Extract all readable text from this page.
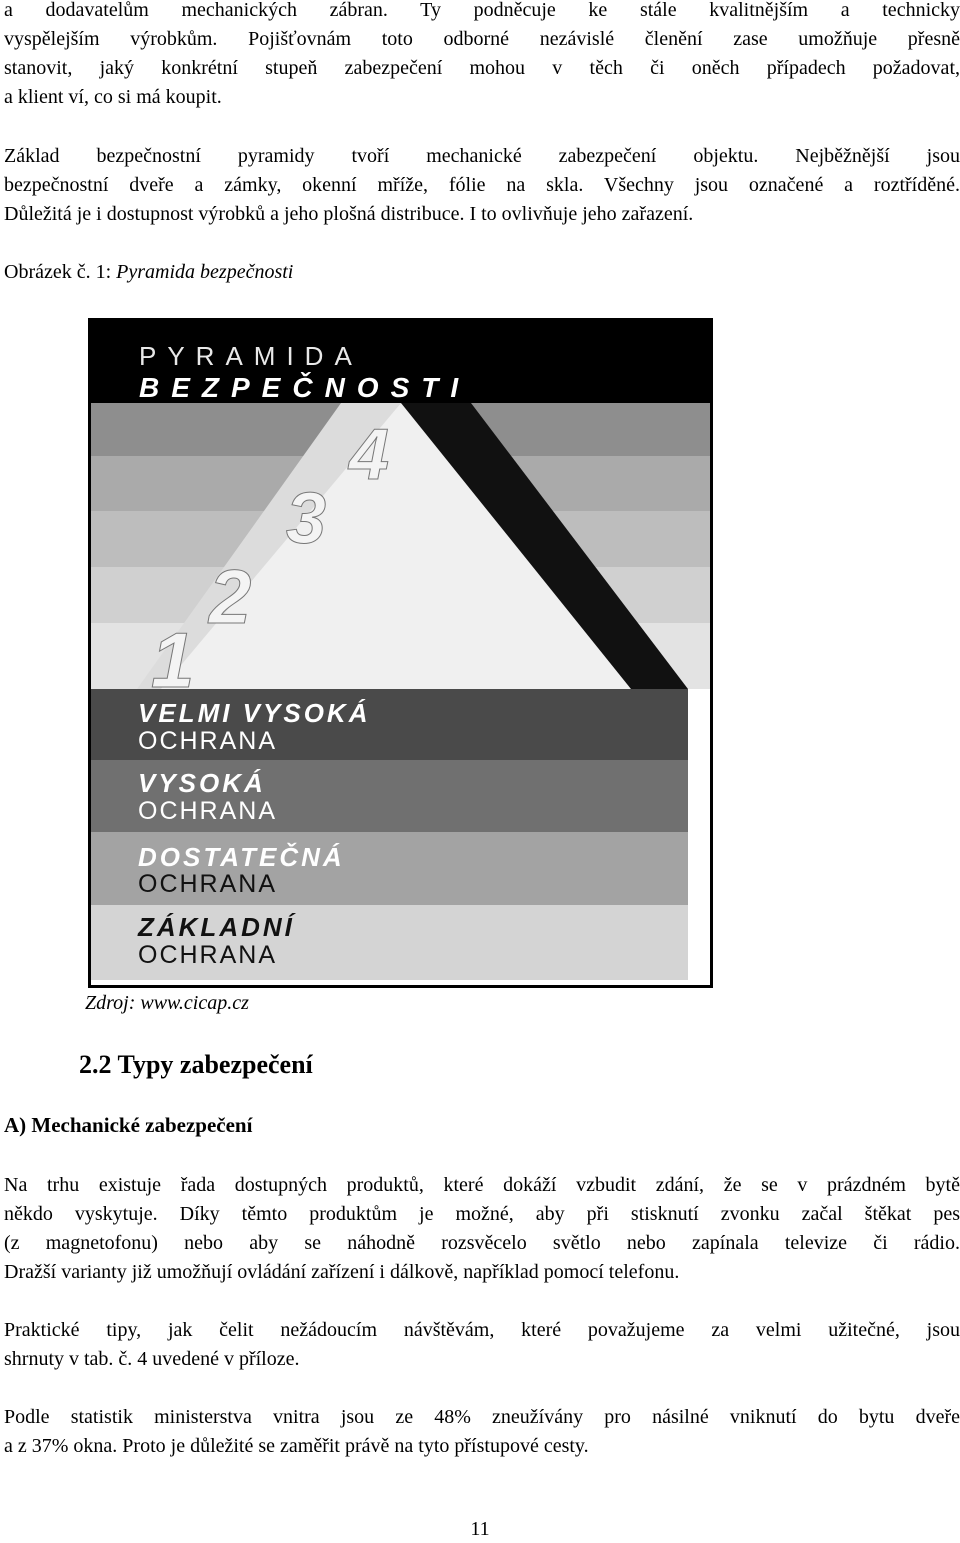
a dodavatelům mechanických zábran. Ty podněcuje ke stále kvalitnějším a technicky
vyspělejším výrobkům. Pojišťovnám toto odborné nezávislé členění zase umožňuje přesně
stanovit, jaký konkrétní stupeň zabezpečení mohou v těch či oněch případech požadovat,
a klient ví, co si má koupit.
Základ bezpečnostní pyramidy tvoří mechanické zabezpečení objektu. Nejběžnější jsou
bezpečnostní dveře a zámky, okenní mříže, fólie na skla. Všechny jsou označené a roztříděné.
Důležitá je i dostupnost výrobků a jeho plošná distribuce. I to ovlivňuje jeho zařazení.
Obrázek č. 1: Pyramida bezpečnosti
PYRAMIDA
BEZPEČNOSTI
4
3
2
1
VELMI VYSOKÁ
OCHRANA
VYSOKÁ
OCHRANA
DOSTATEČNÁ
OCHRANA
ZÁKLADNÍ
OCHRANA
Zdroj: www.cicap.cz
2.2 Typy zabezpečení
A) Mechanické zabezpečení
Na trhu existuje řada dostupných produktů, které dokáží vzbudit zdání, že se v prázdném bytě
někdo vyskytuje. Díky těmto produktům je možné, aby při stisknutí zvonku začal štěkat pes
(z magnetofonu) nebo aby se náhodně rozsvěcelo světlo nebo zapínala televize či rádio.
Dražší varianty již umožňují ovládání zařízení i dálkově, například pomocí telefonu.
Praktické tipy, jak čelit nežádoucím návštěvám, které považujeme za velmi užitečné, jsou
shrnuty v tab. č. 4 uvedené v příloze.
Podle statistik ministerstva vnitra jsou ze 48% zneužívány pro násilné vniknutí do bytu dveře
a z 37% okna. Proto je důležité se zaměřit právě na tyto přístupové cesty.
11
